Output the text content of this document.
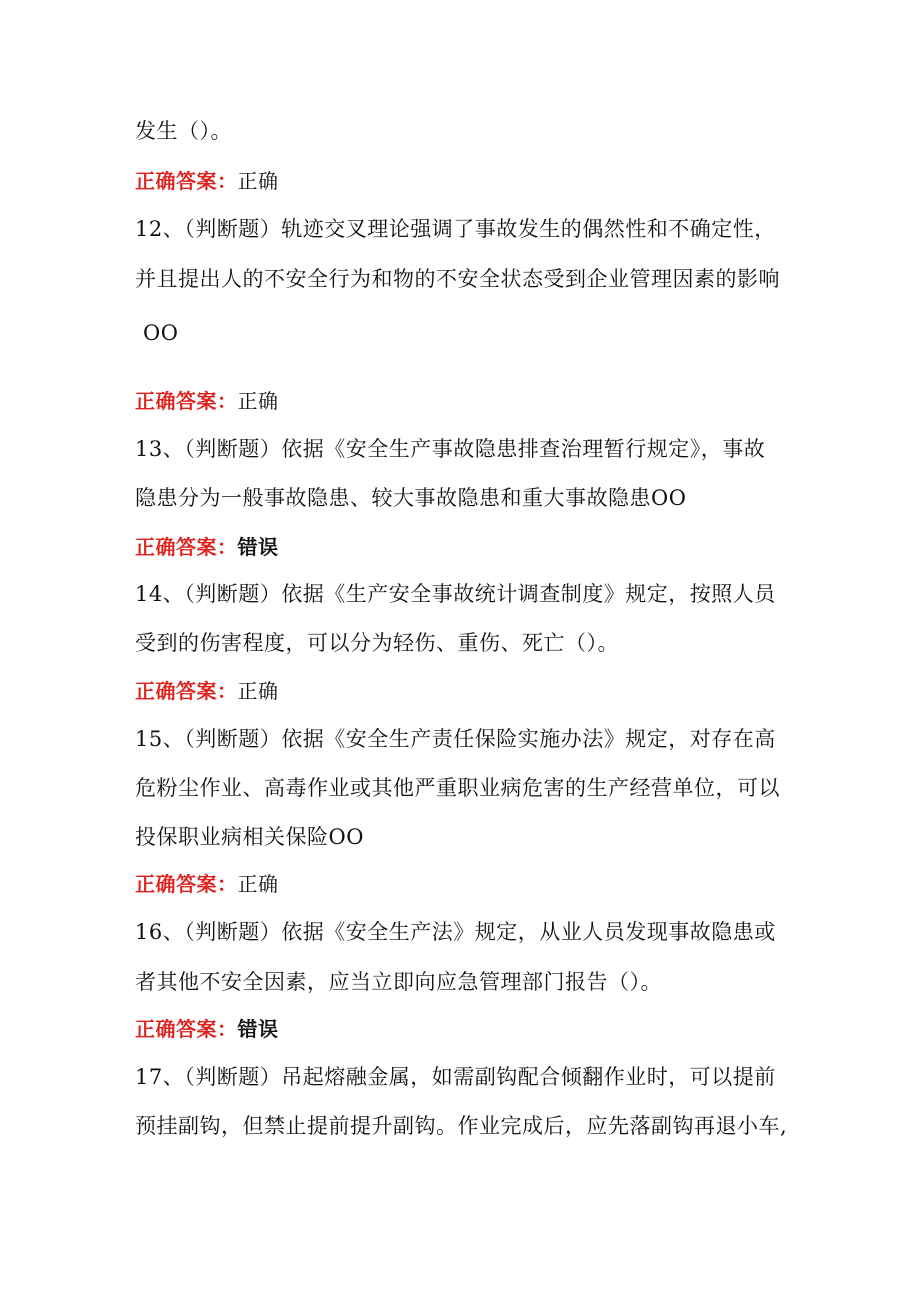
发生（）。
正确答案：正确
12、（判断题）轨迹交叉理论强调了事故发生的偶然性和不确定性，
并且提出人的不安全行为和物的不安全状态受到企业管理因素的影响
OO
正确答案：正确
13、（判断题）依据《安全生产事故隐患排查治理暂行规定》，事故
隐患分为一般事故隐患、较大事故隐患和重大事故隐患OO
正确答案：错误
14、（判断题）依据《生产安全事故统计调查制度》规定，按照人员
受到的伤害程度，可以分为轻伤、重伤、死亡（）。
正确答案：正确
15、（判断题）依据《安全生产责任保险实施办法》规定，对存在高
危粉尘作业、高毒作业或其他严重职业病危害的生产经营单位，可以
投保职业病相关保险OO
正确答案：正确
16、（判断题）依据《安全生产法》规定，从业人员发现事故隐患或
者其他不安全因素，应当立即向应急管理部门报告（）。
正确答案：错误
17、（判断题）吊起熔融金属，如需副钩配合倾翻作业时，可以提前
预挂副钩，但禁止提前提升副钩。作业完成后，应先落副钩再退小车,
